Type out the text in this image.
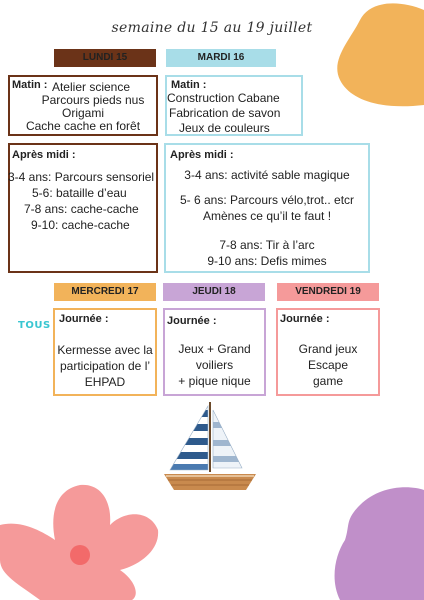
semaine du 15 au 19 juillet
LUNDI 15	MARDI 16
Matin : Atelier science
Parcours pieds nus
Origami
Cache cache en forêt
Matin :
Construction Cabane
Fabrication de savon
Jeux de couleurs
Après midi :
3-4 ans: Parcours sensoriel
5-6: bataille d’eau
7-8 ans: cache-cache
9-10: cache-cache
Après midi :
3-4 ans: activité sable magique
5- 6 ans: Parcours vélo,trot.. etcr
Amènes ce qu’il te faut !
7-8 ans: Tir à l’arc
9-10 ans: Defis mimes
MERCREDI 17	JEUDI 18	VENDREDI 19
TOUS
Journée :
Kermesse avec la
participation de l’
EHPAD
Journée :
Jeux + Grand
voiliers
+ pique nique
Journée :
Grand jeux
Escape
game
